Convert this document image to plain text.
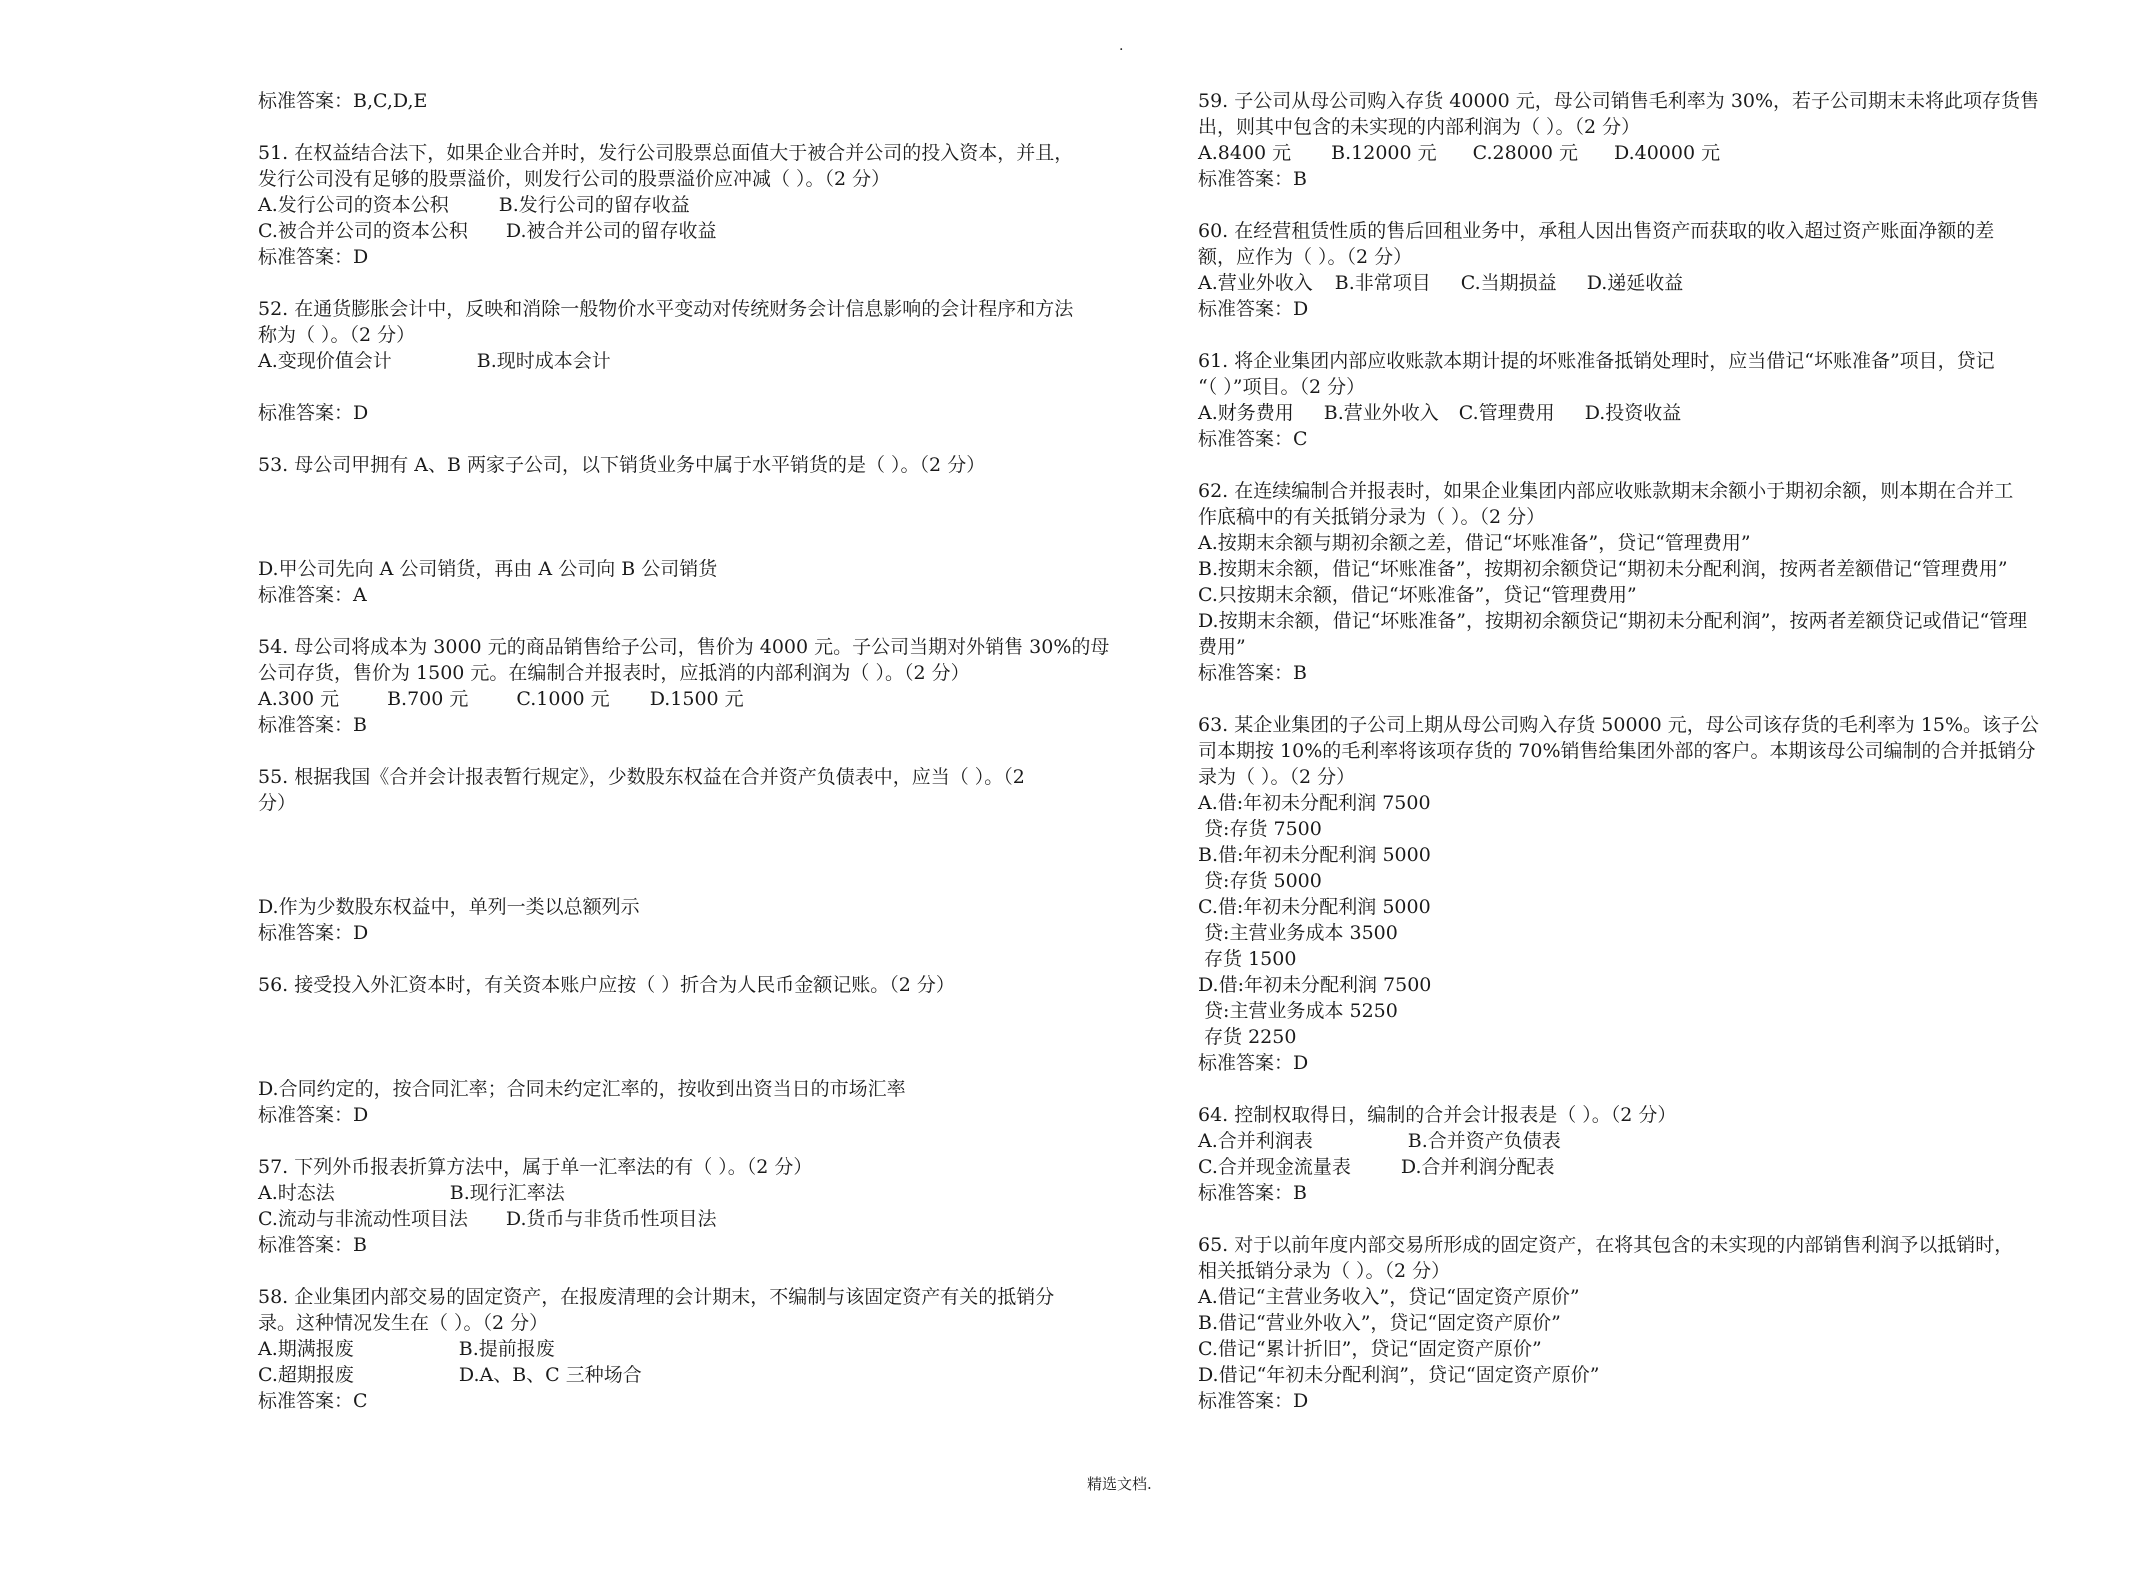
.
标准答案：B,C,D,E
51. 在权益结合法下，如果企业合并时，发行公司股票总面值大于被合并公司的投入资本，并且，
发行公司没有足够的股票溢价，则发行公司的股票溢价应冲减（ ）。（2 分）
A.发行公司的资本公积	B.发行公司的留存收益
C.被合并公司的资本公积 D.被合并公司的留存收益
标准答案：D
52. 在通货膨胀会计中，反映和消除一般物价水平变动对传统财务会计信息影响的会计程序和方法
称为（ ）。（2 分）
A.变现价值会计	B.现时成本会计
标准答案：D
53. 母公司甲拥有 A、B 两家子公司，以下销货业务中属于水平销货的是（ ）。（2 分）
D.甲公司先向 A 公司销货，再由 A 公司向 B 公司销货
标准答案：A
54. 母公司将成本为 3000 元的商品销售给子公司，售价为 4000 元。子公司当期对外销售 30%的母
公司存货，售价为 1500 元。在编制合并报表时，应抵消的内部利润为（ ）。（2 分）
A.300 元	B.700 元	C.1000 元 D.1500 元
标准答案：B
55. 根据我国《合并会计报表暂行规定》，少数股东权益在合并资产负债表中，应当（ ）。（2
分）
D.作为少数股东权益中，单列一类以总额列示
标准答案：D
56. 接受投入外汇资本时，有关资本账户应按（ ）折合为人民币金额记账。（2 分）
D.合同约定的，按合同汇率；合同未约定汇率的，按收到出资当日的市场汇率
标准答案：D
57. 下列外币报表折算方法中，属于单一汇率法的有（ ）。（2 分）
A.时态法	B.现行汇率法
C.流动与非流动性项目法 D.货币与非货币性项目法
标准答案：B
58. 企业集团内部交易的固定资产，在报废清理的会计期末，不编制与该固定资产有关的抵销分
录。这种情况发生在（ ）。（2 分）
A.期满报废	B.提前报废
C.超期报废	D.A、B、C 三种场合
标准答案：C
59. 子公司从母公司购入存货 40000 元，母公司销售毛利率为 30%，若子公司期末未将此项存货售
出，则其中包含的未实现的内部利润为（ ）。（2 分）
A.8400 元 B.12000 元 C.28000 元 D.40000 元
标准答案：B
60. 在经营租赁性质的售后回租业务中，承租人因出售资产而获取的收入超过资产账面净额的差
额，应作为（ ）。（2 分）
A.营业外收入 B.非常项目 C.当期损益 D.递延收益
标准答案：D
61. 将企业集团内部应收账款本期计提的坏账准备抵销处理时，应当借记“坏账准备”项目，贷记
“（ ）”项目。（2 分）
A.财务费用 B.营业外收入 C.管理费用 D.投资收益
标准答案：C
62. 在连续编制合并报表时，如果企业集团内部应收账款期末余额小于期初余额，则本期在合并工
作底稿中的有关抵销分录为（ ）。（2 分）
A.按期末余额与期初余额之差，借记“坏账准备”，贷记“管理费用”
B.按期末余额，借记“坏账准备”，按期初余额贷记“期初未分配利润，按两者差额借记“管理费用”
C.只按期末余额，借记“坏账准备”，贷记“管理费用”
D.按期末余额，借记“坏账准备”，按期初余额贷记“期初未分配利润”，按两者差额贷记或借记“管理
费用”
标准答案：B
63. 某企业集团的子公司上期从母公司购入存货 50000 元，母公司该存货的毛利率为 15%。该子公
司本期按 10%的毛利率将该项存货的 70%销售给集团外部的客户。本期该母公司编制的合并抵销分
录为（ ）。（2 分）
A.借:年初未分配利润 7500
贷:存货 7500
B.借:年初未分配利润 5000
贷:存货 5000
C.借:年初未分配利润 5000
贷:主营业务成本 3500
存货 1500
D.借:年初未分配利润 7500
贷:主营业务成本 5250
存货 2250
标准答案：D
64. 控制权取得日，编制的合并会计报表是（ ）。（2 分）
A.合并利润表	B.合并资产负债表
C.合并现金流量表	D.合并利润分配表
标准答案：B
65. 对于以前年度内部交易所形成的固定资产，在将其包含的未实现的内部销售利润予以抵销时，
相关抵销分录为（ ）。（2 分）
A.借记“主营业务收入”，贷记“固定资产原价”
B.借记“营业外收入”，贷记“固定资产原价”
C.借记“累计折旧”，贷记“固定资产原价”
D.借记“年初未分配利润”，贷记“固定资产原价”
标准答案：D
精选文档.
